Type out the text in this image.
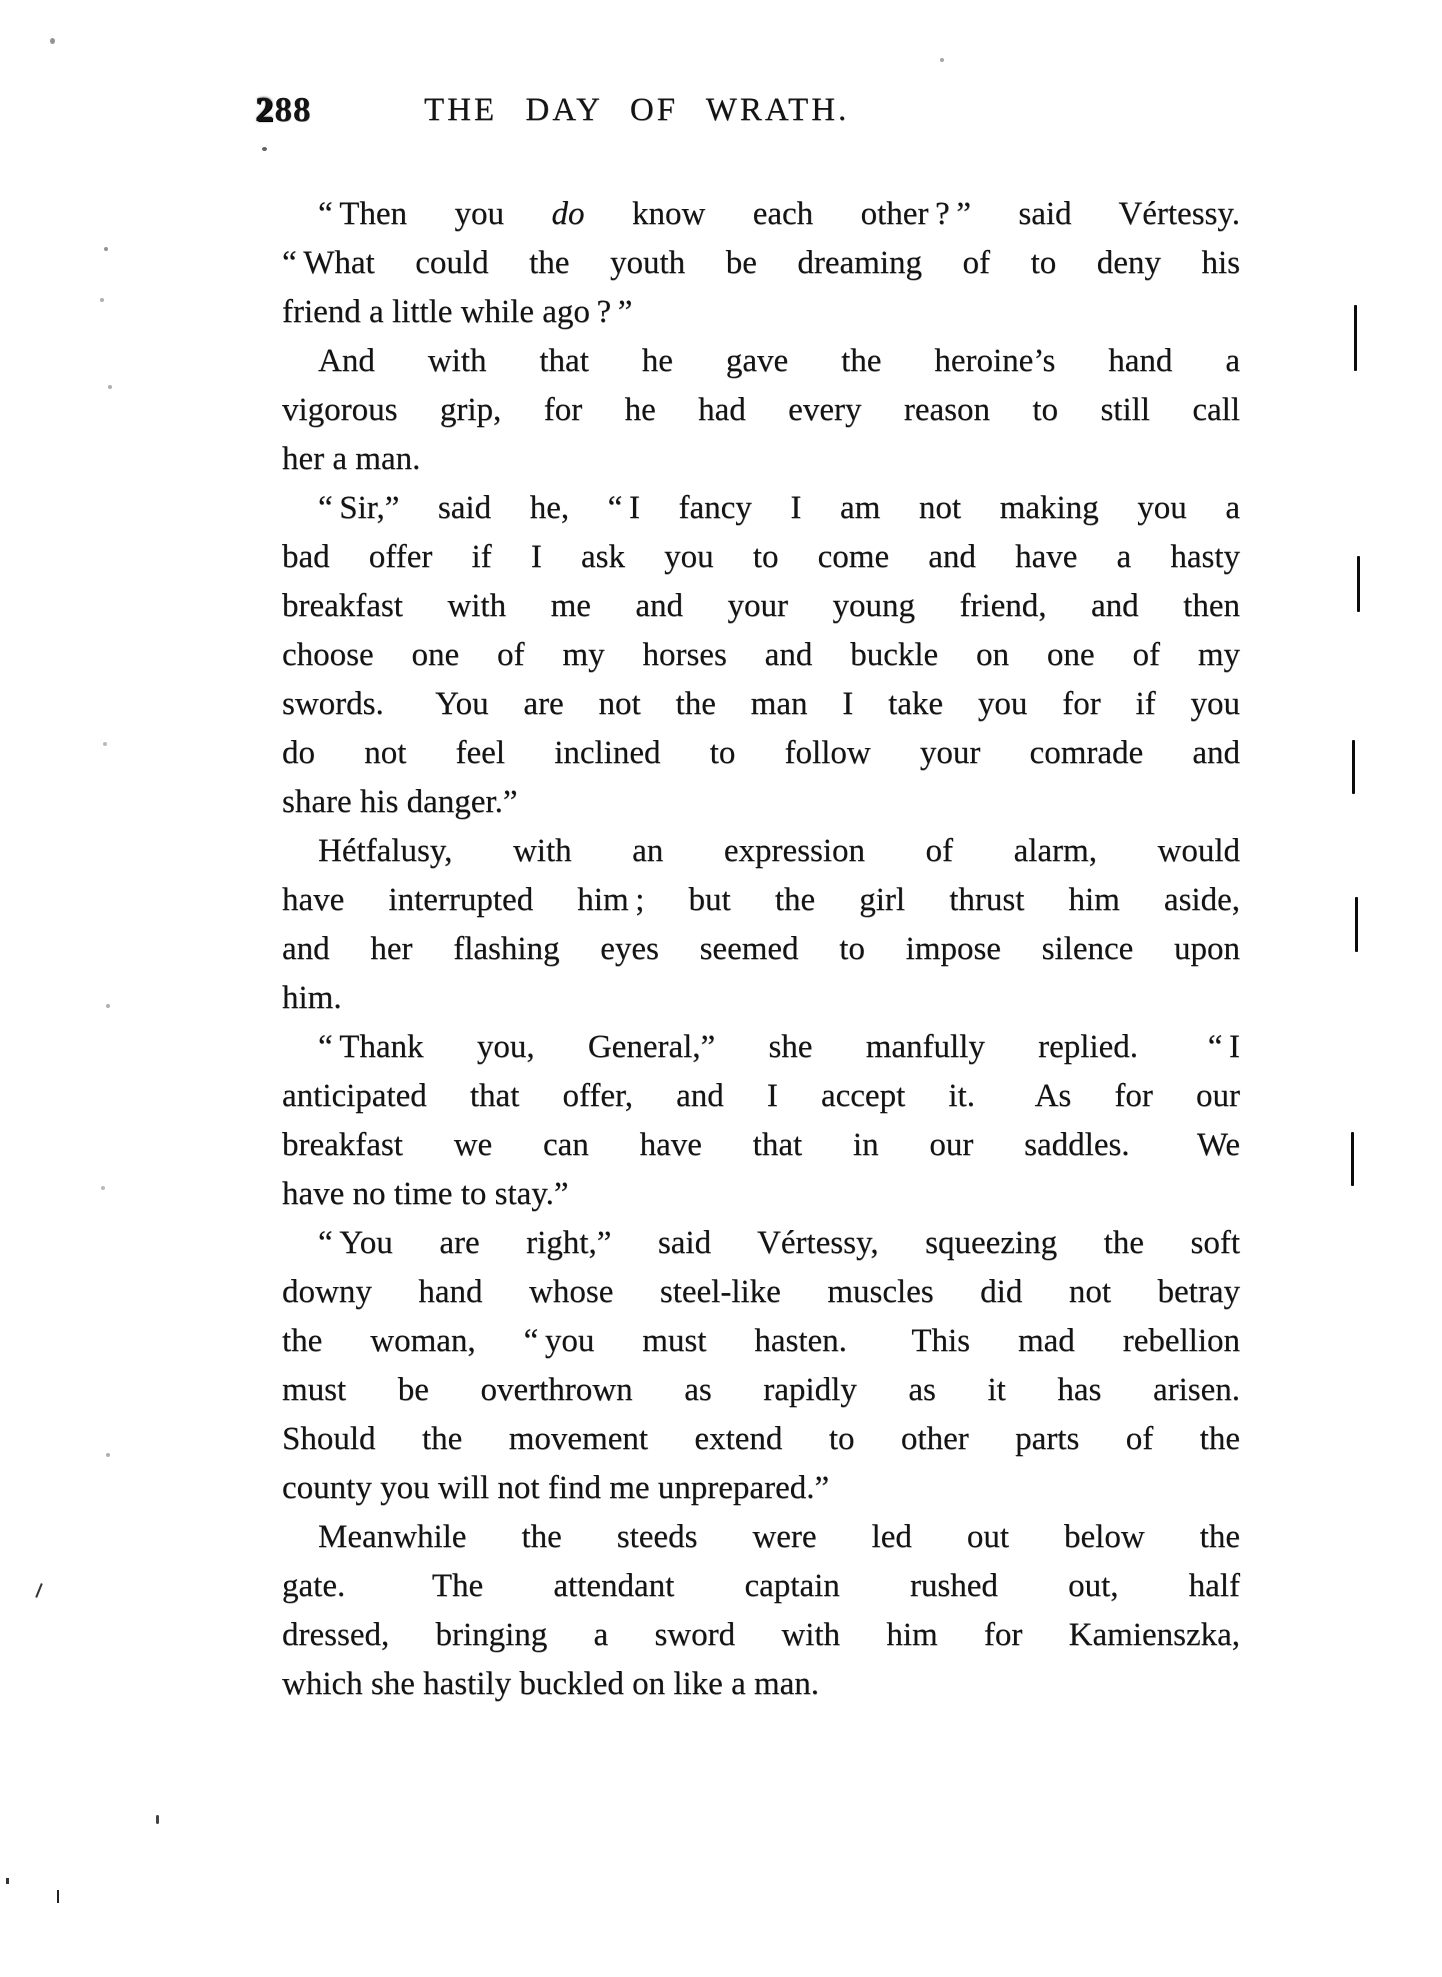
288	THE DAY OF WRATH.

“ Then you do know each other ? ” said Vértessy.
“ What could the youth be dreaming of to deny his
friend a little while ago ? ”

And with that he gave the heroine’s hand a
vigorous grip, for he had every reason to still call
her a man.

“ Sir,” said he, “ I fancy I am not making you a
bad offer if I ask you to come and have a hasty
breakfast with me and your young friend, and then
choose one of my horses and buckle on one of my
swords.  You are not the man I take you for if you
do not feel inclined to follow your comrade and
share his danger.”

Hétfalusy, with an expression of alarm, would
have interrupted him ; but the girl thrust him aside,
and her flashing eyes seemed to impose silence upon
him.

“ Thank you, General,” she manfully replied.  “ I
anticipated that offer, and I accept it.  As for our
breakfast we can have that in our saddles.  We
have no time to stay.”

“ You are right,” said Vértessy, squeezing the soft
downy hand whose steel-like muscles did not betray
the woman, “ you must hasten.  This mad rebellion
must be overthrown as rapidly as it has arisen.
Should the movement extend to other parts of the
county you will not find me unprepared.”

Meanwhile the steeds were led out below the
gate.  The attendant captain rushed out, half
dressed, bringing a sword with him for Kamienszka,
which she hastily buckled on like a man.
